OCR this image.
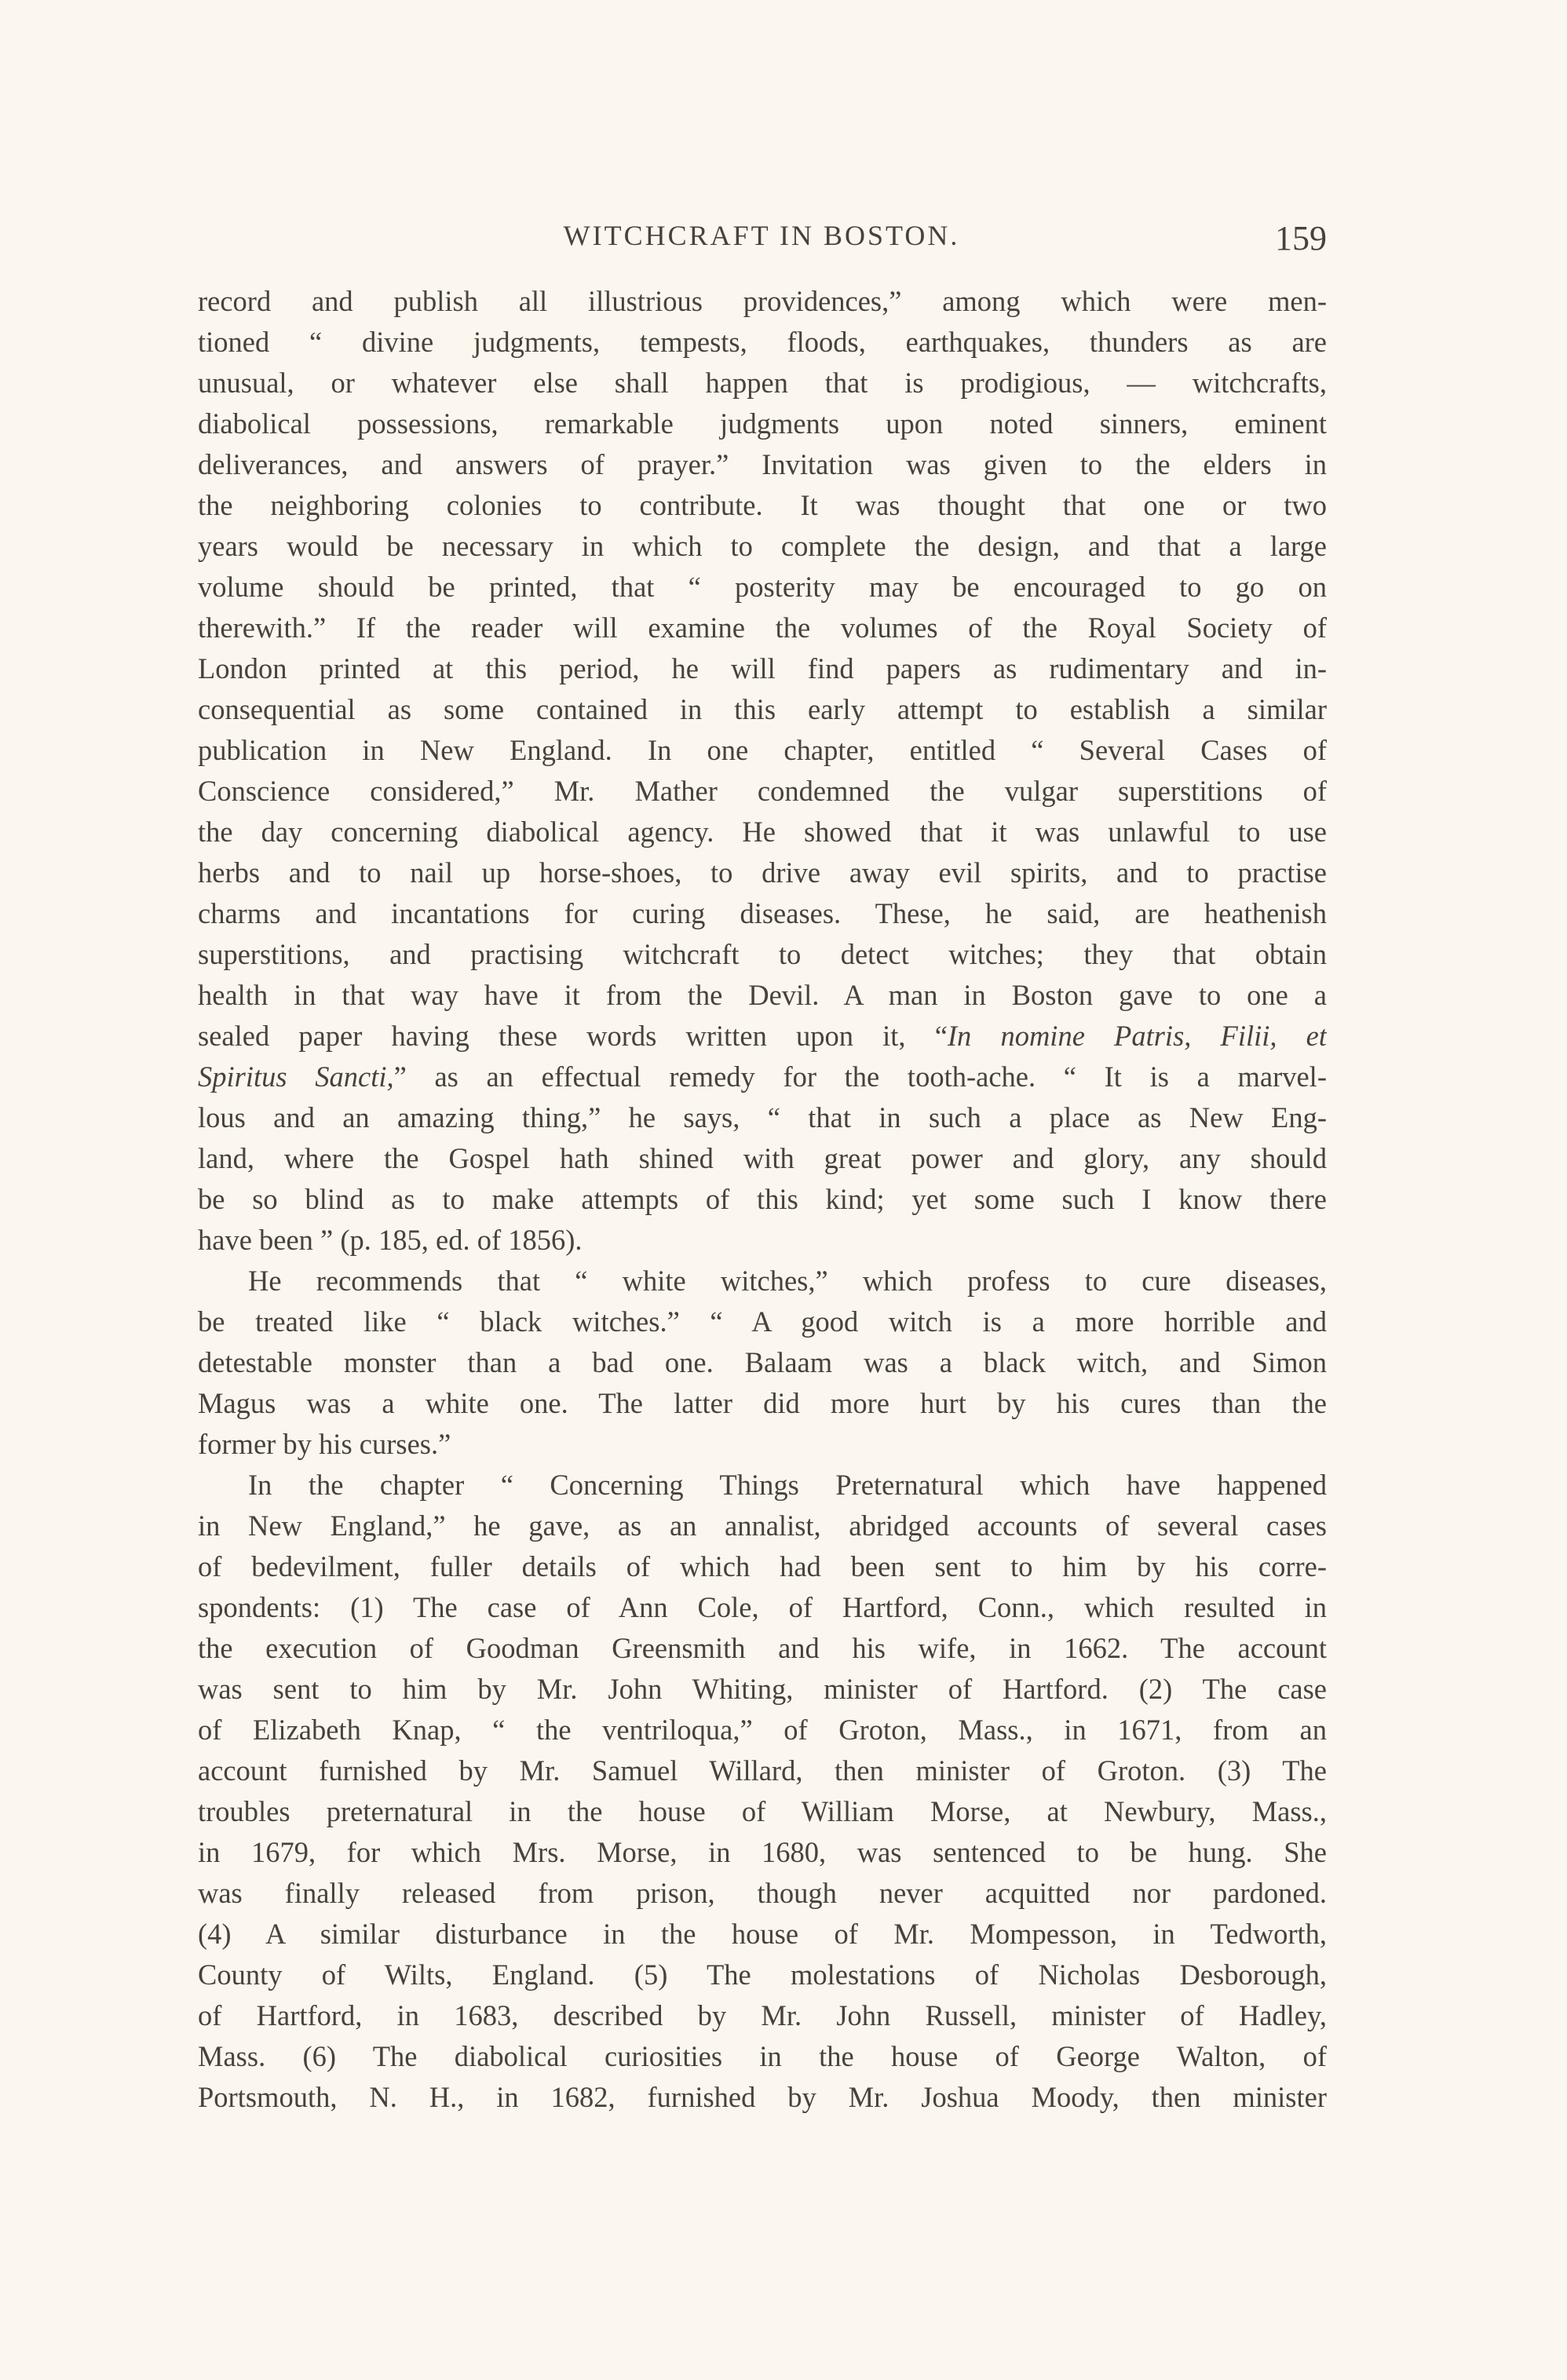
WITCHCRAFT IN BOSTON.	159
record and publish all illustrious providences,” among which were men-
tioned “ divine judgments, tempests, floods, earthquakes, thunders as are
unusual, or whatever else shall happen that is prodigious, — witchcrafts,
diabolical possessions, remarkable judgments upon noted sinners, eminent
deliverances, and answers of prayer.” Invitation was given to the elders in
the neighboring colonies to contribute. It was thought that one or two
years would be necessary in which to complete the design, and that a large
volume should be printed, that “ posterity may be encouraged to go on
therewith.” If the reader will examine the volumes of the Royal Society of
London printed at this period, he will find papers as rudimentary and in-
consequential as some contained in this early attempt to establish a similar
publication in New England. In one chapter, entitled “ Several Cases of
Conscience considered,” Mr. Mather condemned the vulgar superstitions of
the day concerning diabolical agency. He showed that it was unlawful to use
herbs and to nail up horse-shoes, to drive away evil spirits, and to practise
charms and incantations for curing diseases. These, he said, are heathenish
superstitions, and practising witchcraft to detect witches; they that obtain
health in that way have it from the Devil. A man in Boston gave to one a
sealed paper having these words written upon it, “In nomine Patris, Filii, et
Spiritus Sancti,” as an effectual remedy for the tooth-ache. “ It is a marvel-
lous and an amazing thing,” he says, “ that in such a place as New Eng-
land, where the Gospel hath shined with great power and glory, any should
be so blind as to make attempts of this kind; yet some such I know there
have been ” (p. 185, ed. of 1856).
He recommends that “ white witches,” which profess to cure diseases,
be treated like “ black witches.” “ A good witch is a more horrible and
detestable monster than a bad one. Balaam was a black witch, and Simon
Magus was a white one. The latter did more hurt by his cures than the
former by his curses.”
In the chapter “ Concerning Things Preternatural which have happened
in New England,” he gave, as an annalist, abridged accounts of several cases
of bedevilment, fuller details of which had been sent to him by his corre-
spondents: (1) The case of Ann Cole, of Hartford, Conn., which resulted in
the execution of Goodman Greensmith and his wife, in 1662. The account
was sent to him by Mr. John Whiting, minister of Hartford. (2) The case
of Elizabeth Knap, “ the ventriloqua,” of Groton, Mass., in 1671, from an
account furnished by Mr. Samuel Willard, then minister of Groton. (3) The
troubles preternatural in the house of William Morse, at Newbury, Mass.,
in 1679, for which Mrs. Morse, in 1680, was sentenced to be hung. She
was finally released from prison, though never acquitted nor pardoned.
(4) A similar disturbance in the house of Mr. Mompesson, in Tedworth,
County of Wilts, England. (5) The molestations of Nicholas Desborough,
of Hartford, in 1683, described by Mr. John Russell, minister of Hadley,
Mass. (6) The diabolical curiosities in the house of George Walton, of
Portsmouth, N. H., in 1682, furnished by Mr. Joshua Moody, then minister
